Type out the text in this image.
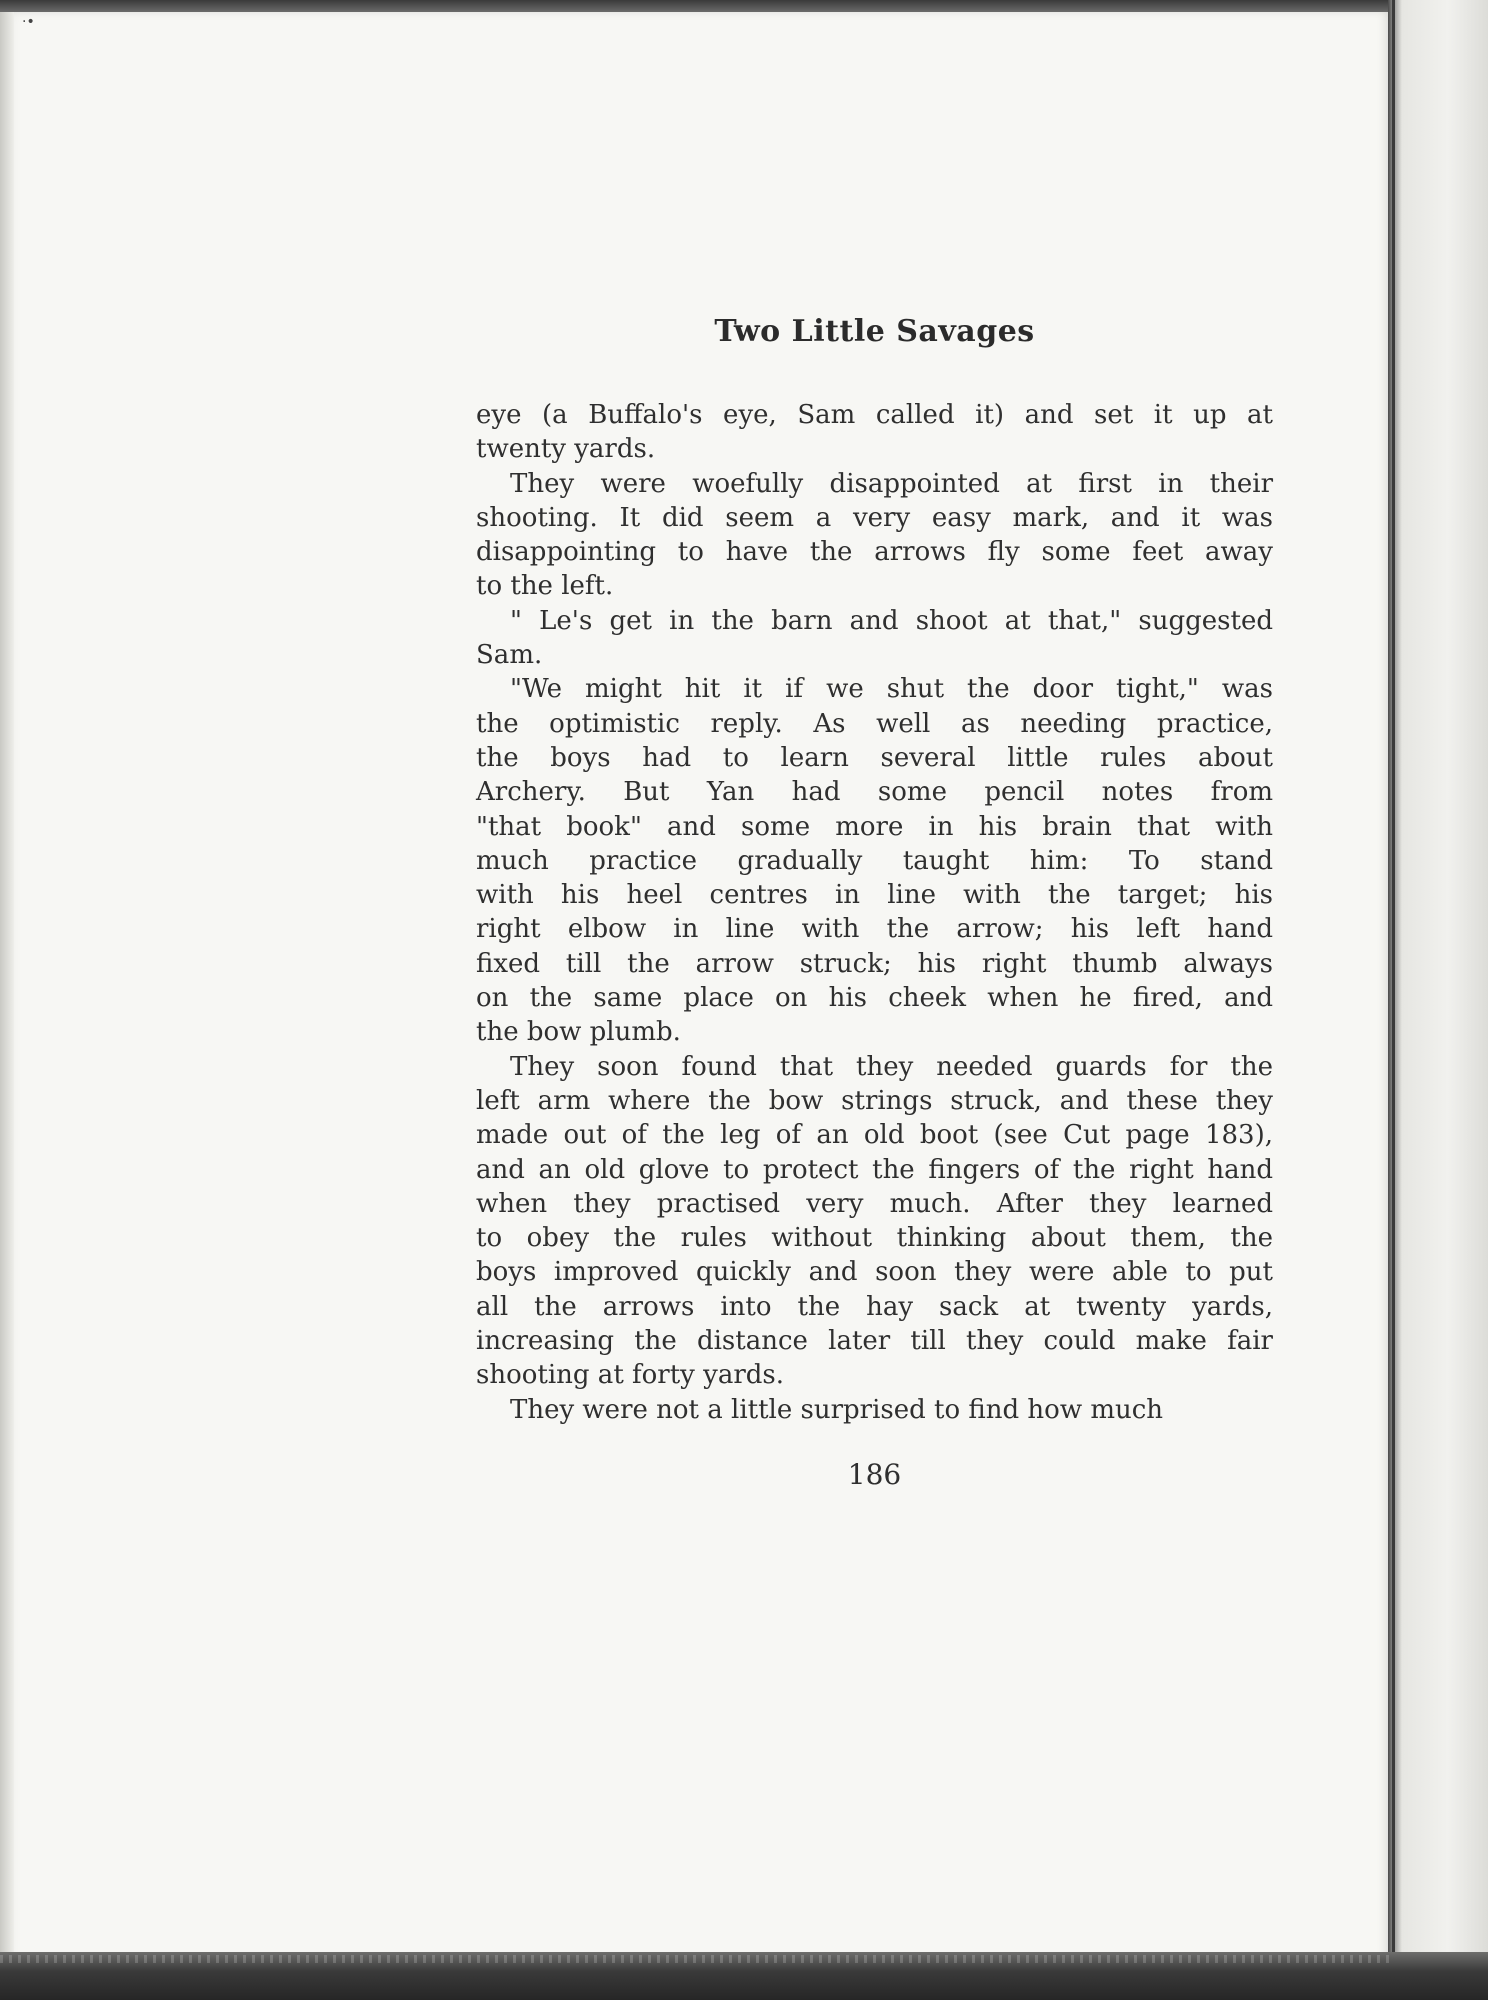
·•
Two Little Savages
eye (a Buffalo's eye, Sam called it) and set it up at
twenty yards.
They were woefully disappointed at first in their
shooting. It did seem a very easy mark, and it was
disappointing to have the arrows fly some feet away
to the left.
" Le's get in the barn and shoot at that," suggested
Sam.
"We might hit it if we shut the door tight," was
the optimistic reply. As well as needing practice,
the boys had to learn several little rules about
Archery. But Yan had some pencil notes from
"that book" and some more in his brain that with
much practice gradually taught him: To stand
with his heel centres in line with the target; his
right elbow in line with the arrow; his left hand
fixed till the arrow struck; his right thumb always
on the same place on his cheek when he fired, and
the bow plumb.
They soon found that they needed guards for the
left arm where the bow strings struck, and these they
made out of the leg of an old boot (see Cut page 183),
and an old glove to protect the fingers of the right hand
when they practised very much. After they learned
to obey the rules without thinking about them, the
boys improved quickly and soon they were able to put
all the arrows into the hay sack at twenty yards,
increasing the distance later till they could make fair
shooting at forty yards.
They were not a little surprised to find how much
186
